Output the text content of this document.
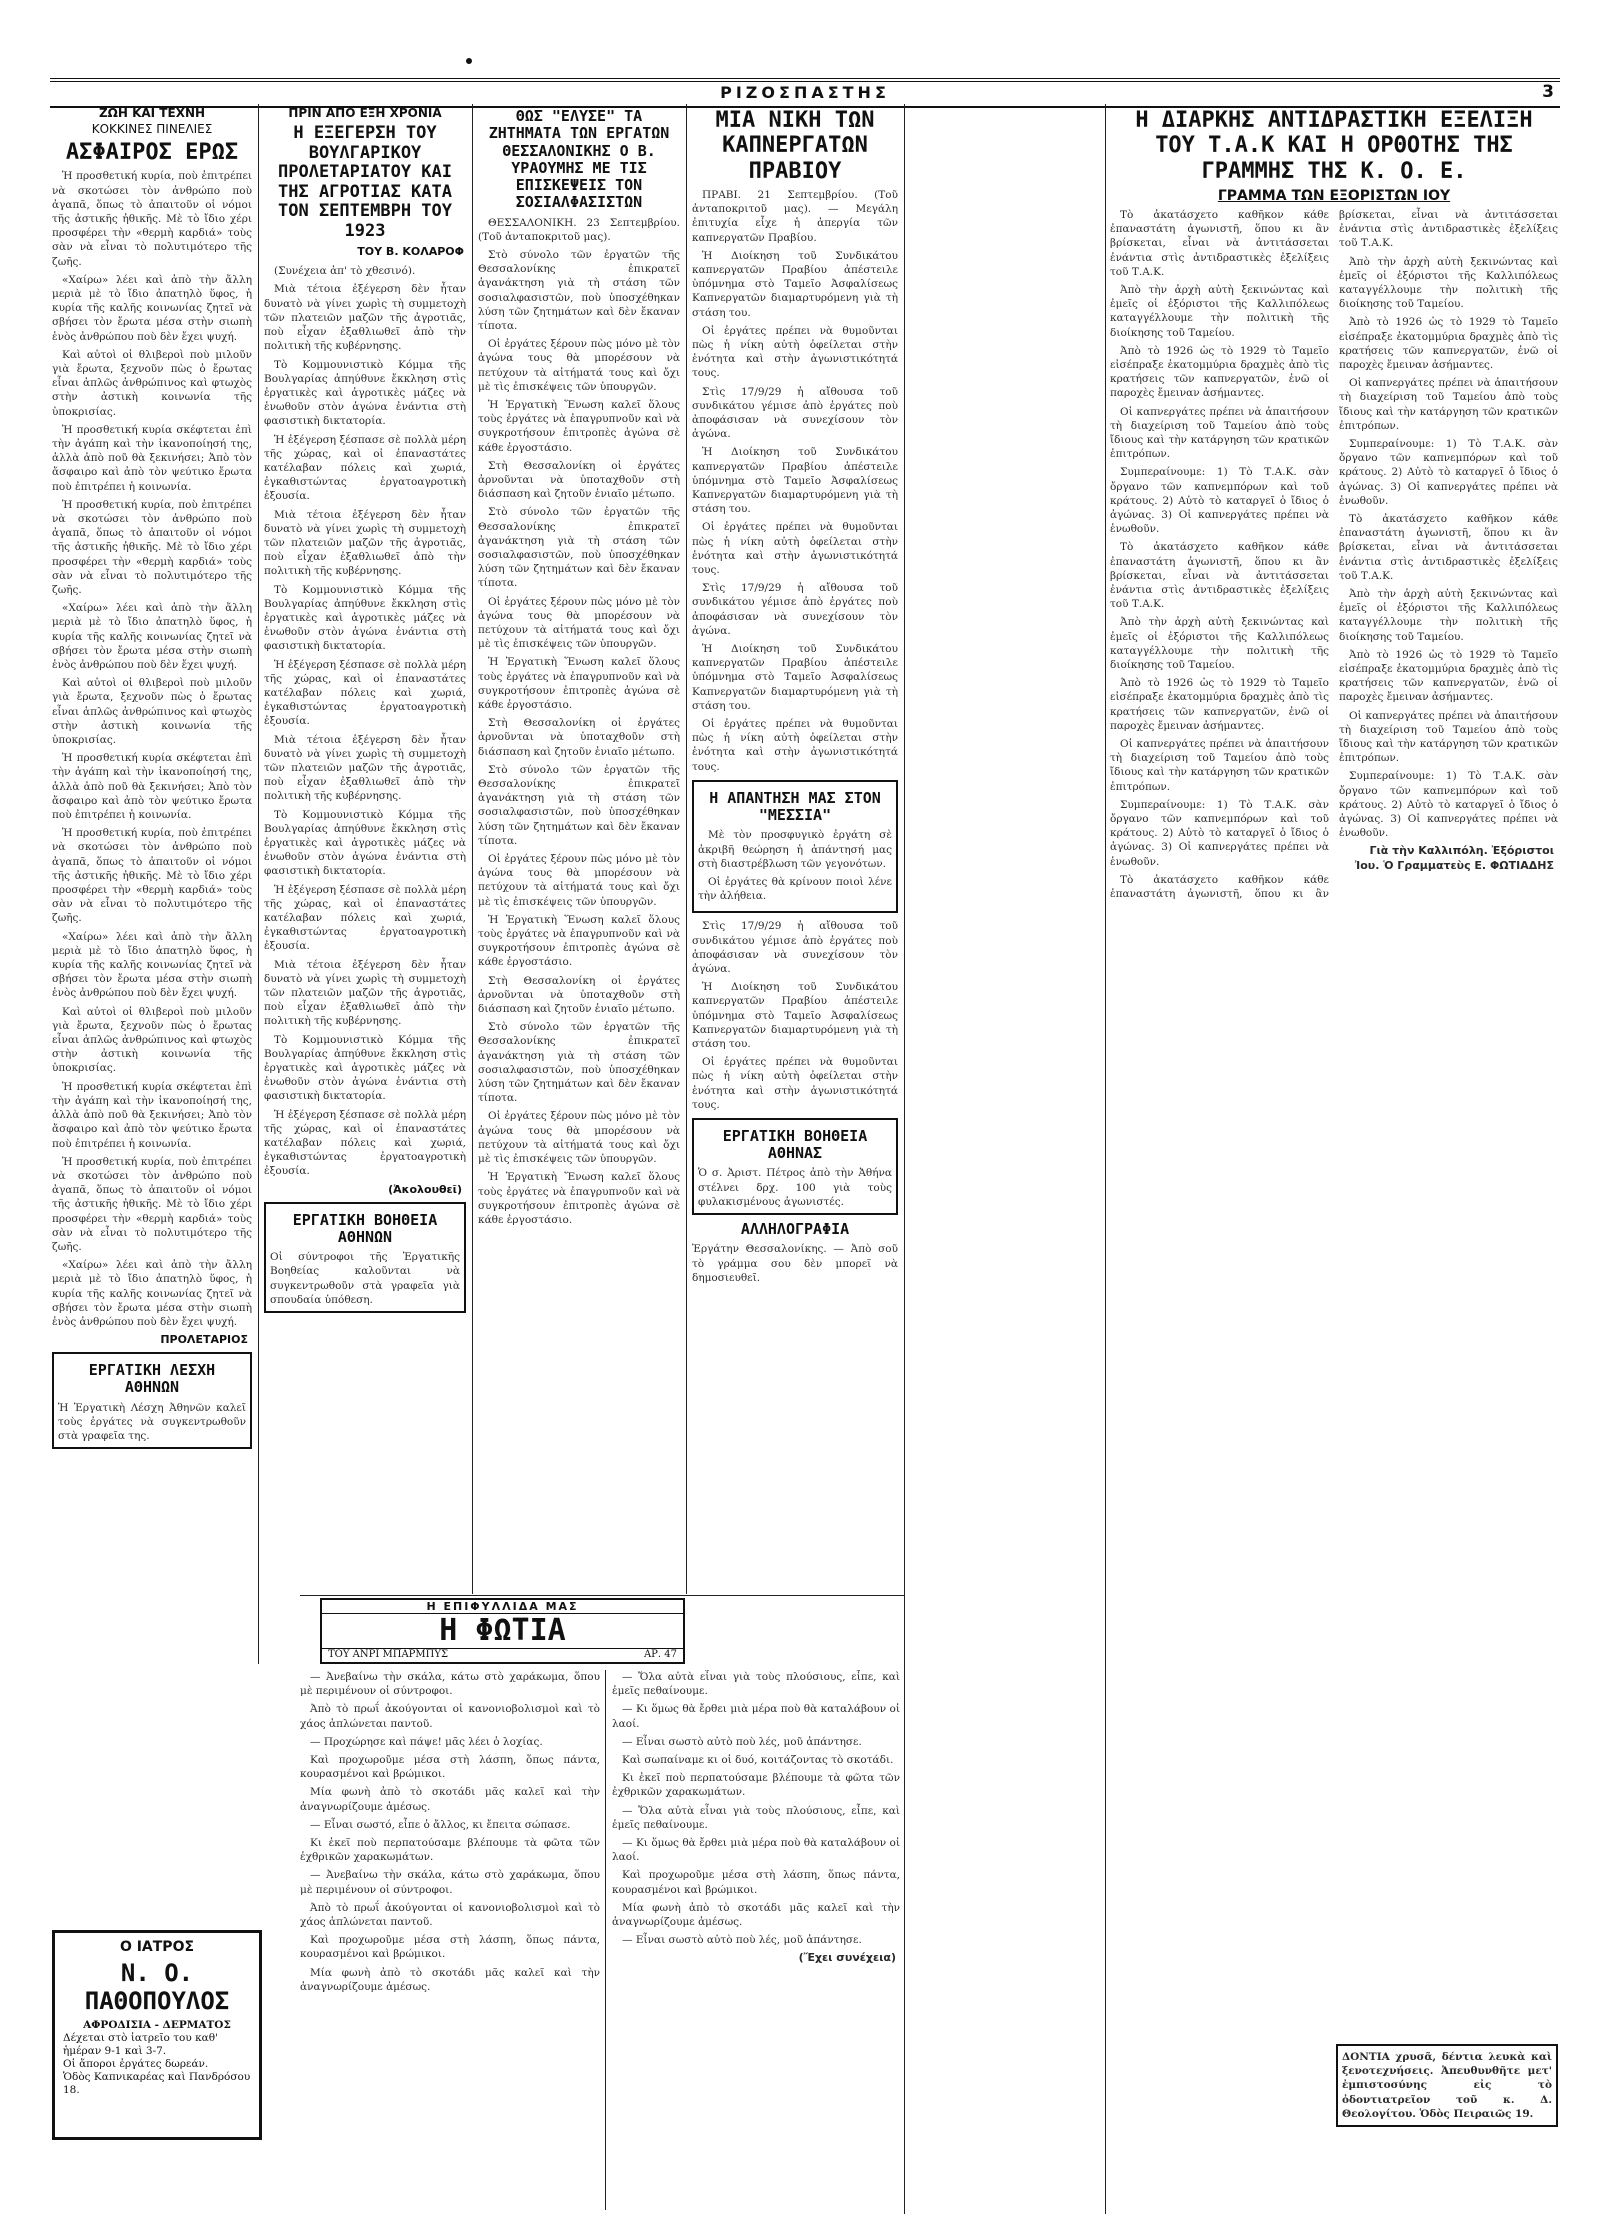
ΡΙΖΟΣΠΑΣΤΗΣ	3
ΖΩΗ ΚΑΙ ΤΕΧΝΗ
ΚΟΚΚΙΝΕΣ ΠΙΝΕΛΙΕΣ
ΑΣΦΑΙΡΟΣ ΕΡΩΣ

Ἡ προσθετική κυρία, ποὺ ἐπιτρέπει νὰ σκοτώσει τὸν ἀνθρώπο ποὺ ἀγαπᾶ, ὅπως τὸ ἀπαιτοῦν οἱ νόμοι τῆς ἀστικῆς ἠθικῆς. Μὲ τὸ ἴδιο χέρι προσφέρει τὴν «θερμὴ καρδιά» τοὺς σὰν νὰ εἶναι τὸ πολυτιμότερο τῆς ζωῆς.

«Χαίρω» λέει καὶ ἀπὸ τὴν ἄλλη μεριὰ μὲ τὸ ἴδιο ἀπατηλὸ ὕφος, ἡ κυρία τῆς καλῆς κοινωνίας ζητεῖ νὰ σβήσει τὸν ἔρωτα μέσα στὴν σιωπὴ ἑνὸς ἀνθρώπου ποὺ δὲν ἔχει ψυχή.

Καὶ αὐτοὶ οἱ θλιβεροὶ ποὺ μιλοῦν γιὰ ἔρωτα, ξεχνοῦν πὼς ὁ ἔρωτας εἶναι ἁπλῶς ἀνθρώπινος καὶ φτωχὸς στὴν ἀστικὴ κοινωνία τῆς ὑποκρισίας.

Ἡ προσθετική κυρία σκέφτεται ἐπὶ τὴν ἀγάπη καὶ τὴν ἱκανοποίησή της, ἀλλὰ ἀπὸ ποῦ θὰ ξεκινήσει; Ἀπὸ τὸν ἄσφαιρο καὶ ἀπὸ τὸν ψεύτικο ἔρωτα ποὺ ἐπιτρέπει ἡ κοινωνία.

Ἡ προσθετική κυρία, ποὺ ἐπιτρέπει νὰ σκοτώσει τὸν ἀνθρώπο ποὺ ἀγαπᾶ, ὅπως τὸ ἀπαιτοῦν οἱ νόμοι τῆς ἀστικῆς ἠθικῆς. Μὲ τὸ ἴδιο χέρι προσφέρει τὴν «θερμὴ καρδιά» τοὺς σὰν νὰ εἶναι τὸ πολυτιμότερο τῆς ζωῆς.

«Χαίρω» λέει καὶ ἀπὸ τὴν ἄλλη μεριὰ μὲ τὸ ἴδιο ἀπατηλὸ ὕφος, ἡ κυρία τῆς καλῆς κοινωνίας ζητεῖ νὰ σβήσει τὸν ἔρωτα μέσα στὴν σιωπὴ ἑνὸς ἀνθρώπου ποὺ δὲν ἔχει ψυχή.

Καὶ αὐτοὶ οἱ θλιβεροὶ ποὺ μιλοῦν γιὰ ἔρωτα, ξεχνοῦν πὼς ὁ ἔρωτας εἶναι ἁπλῶς ἀνθρώπινος καὶ φτωχὸς στὴν ἀστικὴ κοινωνία τῆς ὑποκρισίας.

Ἡ προσθετική κυρία σκέφτεται ἐπὶ τὴν ἀγάπη καὶ τὴν ἱκανοποίησή της, ἀλλὰ ἀπὸ ποῦ θὰ ξεκινήσει; Ἀπὸ τὸν ἄσφαιρο καὶ ἀπὸ τὸν ψεύτικο ἔρωτα ποὺ ἐπιτρέπει ἡ κοινωνία.

Ἡ προσθετική κυρία, ποὺ ἐπιτρέπει νὰ σκοτώσει τὸν ἀνθρώπο ποὺ ἀγαπᾶ, ὅπως τὸ ἀπαιτοῦν οἱ νόμοι τῆς ἀστικῆς ἠθικῆς. Μὲ τὸ ἴδιο χέρι προσφέρει τὴν «θερμὴ καρδιά» τοὺς σὰν νὰ εἶναι τὸ πολυτιμότερο τῆς ζωῆς.

«Χαίρω» λέει καὶ ἀπὸ τὴν ἄλλη μεριὰ μὲ τὸ ἴδιο ἀπατηλὸ ὕφος, ἡ κυρία τῆς καλῆς κοινωνίας ζητεῖ νὰ σβήσει τὸν ἔρωτα μέσα στὴν σιωπὴ ἑνὸς ἀνθρώπου ποὺ δὲν ἔχει ψυχή.

Καὶ αὐτοὶ οἱ θλιβεροὶ ποὺ μιλοῦν γιὰ ἔρωτα, ξεχνοῦν πὼς ὁ ἔρωτας εἶναι ἁπλῶς ἀνθρώπινος καὶ φτωχὸς στὴν ἀστικὴ κοινωνία τῆς ὑποκρισίας.

Ἡ προσθετική κυρία σκέφτεται ἐπὶ τὴν ἀγάπη καὶ τὴν ἱκανοποίησή της, ἀλλὰ ἀπὸ ποῦ θὰ ξεκινήσει; Ἀπὸ τὸν ἄσφαιρο καὶ ἀπὸ τὸν ψεύτικο ἔρωτα ποὺ ἐπιτρέπει ἡ κοινωνία.

Ἡ προσθετική κυρία, ποὺ ἐπιτρέπει νὰ σκοτώσει τὸν ἀνθρώπο ποὺ ἀγαπᾶ, ὅπως τὸ ἀπαιτοῦν οἱ νόμοι τῆς ἀστικῆς ἠθικῆς. Μὲ τὸ ἴδιο χέρι προσφέρει τὴν «θερμὴ καρδιά» τοὺς σὰν νὰ εἶναι τὸ πολυτιμότερο τῆς ζωῆς.

«Χαίρω» λέει καὶ ἀπὸ τὴν ἄλλη μεριὰ μὲ τὸ ἴδιο ἀπατηλὸ ὕφος, ἡ κυρία τῆς καλῆς κοινωνίας ζητεῖ νὰ σβήσει τὸν ἔρωτα μέσα στὴν σιωπὴ ἑνὸς ἀνθρώπου ποὺ δὲν ἔχει ψυχή.

ΠΡΟΛΕΤΑΡΙΟΣ
ΕΡΓΑΤΙΚΗ ΛΕΣΧΗ ΑΘΗΝΩΝ
Ἡ Ἐργατικὴ Λέσχη Ἀθηνῶν καλεῖ τοὺς ἐργάτες νὰ συγκεντρωθοῦν στὰ γραφεῖα της.
Ο ΙΑΤΡΟΣ
Ν. Ο. ΠΑΘΟΠΟΥΛΟΣ
ΑΦΡΟΔΙΣΙΑ - ΔΕΡΜΑΤΟΣ
Δέχεται στὸ ἰατρεῖο του καθ' ἡμέραν 9-1 καὶ 3-7.
Οἱ ἄποροι ἐργάτες δωρεάν.
Ὁδὸς Καπνικαρέας καὶ Πανδρόσου 18.
ΠΡΙΝ ΑΠΟ ΕΞΗ ΧΡΟΝΙΑ
Η ΕΞΕΓΕΡΣΗ ΤΟΥ ΒΟΥΛΓΑΡΙΚΟΥ ΠΡΟΛΕΤΑΡΙΑΤΟΥ ΚΑΙ ΤΗΣ ΑΓΡΟΤΙΑΣ ΚΑΤΑ ΤΟΝ ΣΕΠΤΕΜΒΡΗ ΤΟΥ 1923
ΤΟΥ Β. ΚΟΛΑΡΟΦ

(Συνέχεια ἀπ' τὸ χθεσινό).

Μιὰ τέτοια ἐξέγερση δὲν ἦταν δυνατὸ νὰ γίνει χωρὶς τὴ συμμετοχὴ τῶν πλατειῶν μαζῶν τῆς ἀγροτιᾶς, ποὺ εἶχαν ἐξαθλιωθεῖ ἀπὸ τὴν πολιτικὴ τῆς κυβέρνησης.

Τὸ Κομμουνιστικὸ Κόμμα τῆς Βουλγαρίας ἀπηύθυνε ἔκκληση στὶς ἐργατικὲς καὶ ἀγροτικὲς μάζες νὰ ἑνωθοῦν στὸν ἀγώνα ἐνάντια στὴ φασιστικὴ δικτατορία.

Ἡ ἐξέγερση ξέσπασε σὲ πολλὰ μέρη τῆς χώρας, καὶ οἱ ἐπαναστάτες κατέλαβαν πόλεις καὶ χωριά, ἐγκαθιστώντας ἐργατοαγροτικὴ ἐξουσία.

Μιὰ τέτοια ἐξέγερση δὲν ἦταν δυνατὸ νὰ γίνει χωρὶς τὴ συμμετοχὴ τῶν πλατειῶν μαζῶν τῆς ἀγροτιᾶς, ποὺ εἶχαν ἐξαθλιωθεῖ ἀπὸ τὴν πολιτικὴ τῆς κυβέρνησης.

Τὸ Κομμουνιστικὸ Κόμμα τῆς Βουλγαρίας ἀπηύθυνε ἔκκληση στὶς ἐργατικὲς καὶ ἀγροτικὲς μάζες νὰ ἑνωθοῦν στὸν ἀγώνα ἐνάντια στὴ φασιστικὴ δικτατορία.

Ἡ ἐξέγερση ξέσπασε σὲ πολλὰ μέρη τῆς χώρας, καὶ οἱ ἐπαναστάτες κατέλαβαν πόλεις καὶ χωριά, ἐγκαθιστώντας ἐργατοαγροτικὴ ἐξουσία.

Μιὰ τέτοια ἐξέγερση δὲν ἦταν δυνατὸ νὰ γίνει χωρὶς τὴ συμμετοχὴ τῶν πλατειῶν μαζῶν τῆς ἀγροτιᾶς, ποὺ εἶχαν ἐξαθλιωθεῖ ἀπὸ τὴν πολιτικὴ τῆς κυβέρνησης.

Τὸ Κομμουνιστικὸ Κόμμα τῆς Βουλγαρίας ἀπηύθυνε ἔκκληση στὶς ἐργατικὲς καὶ ἀγροτικὲς μάζες νὰ ἑνωθοῦν στὸν ἀγώνα ἐνάντια στὴ φασιστικὴ δικτατορία.

Ἡ ἐξέγερση ξέσπασε σὲ πολλὰ μέρη τῆς χώρας, καὶ οἱ ἐπαναστάτες κατέλαβαν πόλεις καὶ χωριά, ἐγκαθιστώντας ἐργατοαγροτικὴ ἐξουσία.

Μιὰ τέτοια ἐξέγερση δὲν ἦταν δυνατὸ νὰ γίνει χωρὶς τὴ συμμετοχὴ τῶν πλατειῶν μαζῶν τῆς ἀγροτιᾶς, ποὺ εἶχαν ἐξαθλιωθεῖ ἀπὸ τὴν πολιτικὴ τῆς κυβέρνησης.

Τὸ Κομμουνιστικὸ Κόμμα τῆς Βουλγαρίας ἀπηύθυνε ἔκκληση στὶς ἐργατικὲς καὶ ἀγροτικὲς μάζες νὰ ἑνωθοῦν στὸν ἀγώνα ἐνάντια στὴ φασιστικὴ δικτατορία.

Ἡ ἐξέγερση ξέσπασε σὲ πολλὰ μέρη τῆς χώρας, καὶ οἱ ἐπαναστάτες κατέλαβαν πόλεις καὶ χωριά, ἐγκαθιστώντας ἐργατοαγροτικὴ ἐξουσία.

(Ἀκολουθεῖ)
ΕΡΓΑΤΙΚΗ ΒΟΗΘΕΙΑ ΑΘΗΝΩΝ
Οἱ σύντροφοι τῆς Ἐργατικῆς Βοηθείας καλοῦνται νὰ συγκεντρωθοῦν στὰ γραφεῖα γιὰ σπουδαία ὑπόθεση.
ΘΩΣ "ΕΛΥΣΕ" ΤΑ ΖΗΤΗΜΑΤΑ ΤΩΝ ΕΡΓΑΤΩΝ ΘΕΣΣΑΛΟΝΙΚΗΣ Ο Β. ΥΡΑΟΥΜΗΣ ΜΕ ΤΙΣ ΕΠΙΣΚΕΨΕΙΣ ΤΟΝ ΣΟΣΙΑΛΦΑΣΙΣΤΩΝ

ΘΕΣΣΑΛΟΝΙΚΗ. 23 Σεπτεμβρίου. (Τοῦ ἀνταποκριτοῦ μας).

Στὸ σύνολο τῶν ἐργατῶν τῆς Θεσσαλονίκης ἐπικρατεῖ ἀγανάκτηση γιὰ τὴ στάση τῶν σοσιαλφασιστῶν, ποὺ ὑποσχέθηκαν λύση τῶν ζητημάτων καὶ δὲν ἔκαναν τίποτα.

Οἱ ἐργάτες ξέρουν πὼς μόνο μὲ τὸν ἀγώνα τους θὰ μπορέσουν νὰ πετύχουν τὰ αἰτήματά τους καὶ ὄχι μὲ τὶς ἐπισκέψεις τῶν ὑπουργῶν.

Ἡ Ἑργατικὴ Ἕνωση καλεῖ ὅλους τοὺς ἐργάτες νὰ ἐπαγρυπνοῦν καὶ νὰ συγκροτήσουν ἐπιτροπὲς ἀγώνα σὲ κάθε ἐργοστάσιο.

Στὴ Θεσσαλονίκη οἱ ἐργάτες ἀρνοῦνται νὰ ὑποταχθοῦν στὴ διάσπαση καὶ ζητοῦν ἑνιαῖο μέτωπο.

Στὸ σύνολο τῶν ἐργατῶν τῆς Θεσσαλονίκης ἐπικρατεῖ ἀγανάκτηση γιὰ τὴ στάση τῶν σοσιαλφασιστῶν, ποὺ ὑποσχέθηκαν λύση τῶν ζητημάτων καὶ δὲν ἔκαναν τίποτα.

Οἱ ἐργάτες ξέρουν πὼς μόνο μὲ τὸν ἀγώνα τους θὰ μπορέσουν νὰ πετύχουν τὰ αἰτήματά τους καὶ ὄχι μὲ τὶς ἐπισκέψεις τῶν ὑπουργῶν.

Ἡ Ἑργατικὴ Ἕνωση καλεῖ ὅλους τοὺς ἐργάτες νὰ ἐπαγρυπνοῦν καὶ νὰ συγκροτήσουν ἐπιτροπὲς ἀγώνα σὲ κάθε ἐργοστάσιο.

Στὴ Θεσσαλονίκη οἱ ἐργάτες ἀρνοῦνται νὰ ὑποταχθοῦν στὴ διάσπαση καὶ ζητοῦν ἑνιαῖο μέτωπο.

Στὸ σύνολο τῶν ἐργατῶν τῆς Θεσσαλονίκης ἐπικρατεῖ ἀγανάκτηση γιὰ τὴ στάση τῶν σοσιαλφασιστῶν, ποὺ ὑποσχέθηκαν λύση τῶν ζητημάτων καὶ δὲν ἔκαναν τίποτα.

Οἱ ἐργάτες ξέρουν πὼς μόνο μὲ τὸν ἀγώνα τους θὰ μπορέσουν νὰ πετύχουν τὰ αἰτήματά τους καὶ ὄχι μὲ τὶς ἐπισκέψεις τῶν ὑπουργῶν.

Ἡ Ἑργατικὴ Ἕνωση καλεῖ ὅλους τοὺς ἐργάτες νὰ ἐπαγρυπνοῦν καὶ νὰ συγκροτήσουν ἐπιτροπὲς ἀγώνα σὲ κάθε ἐργοστάσιο.

Στὴ Θεσσαλονίκη οἱ ἐργάτες ἀρνοῦνται νὰ ὑποταχθοῦν στὴ διάσπαση καὶ ζητοῦν ἑνιαῖο μέτωπο.

Στὸ σύνολο τῶν ἐργατῶν τῆς Θεσσαλονίκης ἐπικρατεῖ ἀγανάκτηση γιὰ τὴ στάση τῶν σοσιαλφασιστῶν, ποὺ ὑποσχέθηκαν λύση τῶν ζητημάτων καὶ δὲν ἔκαναν τίποτα.

Οἱ ἐργάτες ξέρουν πὼς μόνο μὲ τὸν ἀγώνα τους θὰ μπορέσουν νὰ πετύχουν τὰ αἰτήματά τους καὶ ὄχι μὲ τὶς ἐπισκέψεις τῶν ὑπουργῶν.

Ἡ Ἑργατικὴ Ἕνωση καλεῖ ὅλους τοὺς ἐργάτες νὰ ἐπαγρυπνοῦν καὶ νὰ συγκροτήσουν ἐπιτροπὲς ἀγώνα σὲ κάθε ἐργοστάσιο.

ΜΙΑ ΝΙΚΗ ΤΩΝ ΚΑΠΝΕΡΓΑΤΩΝ ΠΡΑΒΙΟΥ

ΠΡΑΒΙ. 21 Σεπτεμβρίου. (Τοῦ ἀνταποκριτοῦ μας). — Μεγάλη ἐπιτυχία εἶχε ἡ ἀπεργία τῶν καπνεργατῶν Πραβίου.

Ἡ Διοίκηση τοῦ Συνδικάτου καπνεργατῶν Πραβίου ἀπέστειλε ὑπόμνημα στὸ Ταμεῖο Ἀσφαλίσεως Καπνεργατῶν διαμαρτυρόμενη γιὰ τὴ στάση του.

Οἱ ἐργάτες πρέπει νὰ θυμοῦνται πὼς ἡ νίκη αὐτὴ ὀφείλεται στὴν ἑνότητα καὶ στὴν ἀγωνιστικότητά τους.

Στὶς 17/9/29 ἡ αἴθουσα τοῦ συνδικάτου γέμισε ἀπὸ ἐργάτες ποὺ ἀποφάσισαν νὰ συνεχίσουν τὸν ἀγώνα.

Ἡ Διοίκηση τοῦ Συνδικάτου καπνεργατῶν Πραβίου ἀπέστειλε ὑπόμνημα στὸ Ταμεῖο Ἀσφαλίσεως Καπνεργατῶν διαμαρτυρόμενη γιὰ τὴ στάση του.

Οἱ ἐργάτες πρέπει νὰ θυμοῦνται πὼς ἡ νίκη αὐτὴ ὀφείλεται στὴν ἑνότητα καὶ στὴν ἀγωνιστικότητά τους.

Στὶς 17/9/29 ἡ αἴθουσα τοῦ συνδικάτου γέμισε ἀπὸ ἐργάτες ποὺ ἀποφάσισαν νὰ συνεχίσουν τὸν ἀγώνα.

Ἡ Διοίκηση τοῦ Συνδικάτου καπνεργατῶν Πραβίου ἀπέστειλε ὑπόμνημα στὸ Ταμεῖο Ἀσφαλίσεως Καπνεργατῶν διαμαρτυρόμενη γιὰ τὴ στάση του.

Οἱ ἐργάτες πρέπει νὰ θυμοῦνται πὼς ἡ νίκη αὐτὴ ὀφείλεται στὴν ἑνότητα καὶ στὴν ἀγωνιστικότητά τους.

Η ΑΠΑΝΤΗΣΗ ΜΑΣ ΣΤΟΝ "ΜΕΣΣΙΑ"

Μὲ τὸν προσφυγικὸ ἐργάτη σὲ ἀκριβῆ θεώρηση ἡ ἀπάντησή μας στὴ διαστρέβλωση τῶν γεγονότων.

Οἱ ἐργάτες θὰ κρίνουν ποιοὶ λένε τὴν ἀλήθεια.

Στὶς 17/9/29 ἡ αἴθουσα τοῦ συνδικάτου γέμισε ἀπὸ ἐργάτες ποὺ ἀποφάσισαν νὰ συνεχίσουν τὸν ἀγώνα.

Ἡ Διοίκηση τοῦ Συνδικάτου καπνεργατῶν Πραβίου ἀπέστειλε ὑπόμνημα στὸ Ταμεῖο Ἀσφαλίσεως Καπνεργατῶν διαμαρτυρόμενη γιὰ τὴ στάση του.

Οἱ ἐργάτες πρέπει νὰ θυμοῦνται πὼς ἡ νίκη αὐτὴ ὀφείλεται στὴν ἑνότητα καὶ στὴν ἀγωνιστικότητά τους.

ΕΡΓΑΤΙΚΗ ΒΟΗΘΕΙΑ ΑΘΗΝΑΣ
Ὁ σ. Ἀριστ. Πέτρος ἀπὸ τὴν Ἀθήνα στέλνει δρχ. 100 γιὰ τοὺς φυλακισμένους ἀγωνιστές.
ΑΛΛΗΛΟΓΡΑΦΙΑ
Ἐργάτην Θεσσαλονίκης. — Ἀπὸ σοῦ τὸ γράμμα σου δὲν μπορεῖ νὰ δημοσιευθεῖ.
Η ΔΙΑΡΚΗΣ ΑΝΤΙΔΡΑΣΤΙΚΗ ΕΞΕΛΙΞΗ ΤΟΥ Τ.Α.Κ ΚΑΙ Η ΟΡΘΟΤΗΣ ΤΗΣ ΓΡΑΜΜΗΣ ΤΗΣ Κ. Ο. Ε.
ΓΡΑΜΜΑ ΤΩΝ ΕΞΟΡΙΣΤΩΝ ΙΟΥ

Τὸ ἀκατάσχετο καθῆκον κάθε ἐπαναστάτη ἀγωνιστῆ, ὅπου κι ἂν βρίσκεται, εἶναι νὰ ἀντιτάσσεται ἐνάντια στὶς ἀντιδραστικὲς ἐξελίξεις τοῦ Τ.Α.Κ.

Ἀπὸ τὴν ἀρχὴ αὐτὴ ξεκινώντας καὶ ἐμεῖς οἱ ἐξόριστοι τῆς Καλλιπόλεως καταγγέλλουμε τὴν πολιτικὴ τῆς διοίκησης τοῦ Ταμείου.

Ἀπὸ τὸ 1926 ὡς τὸ 1929 τὸ Ταμεῖο εἰσέπραξε ἑκατομμύρια δραχμὲς ἀπὸ τὶς κρατήσεις τῶν καπνεργατῶν, ἐνῶ οἱ παροχὲς ἔμειναν ἀσήμαντες.

Οἱ καπνεργάτες πρέπει νὰ ἀπαιτήσουν τὴ διαχείριση τοῦ Ταμείου ἀπὸ τοὺς ἴδιους καὶ τὴν κατάργηση τῶν κρατικῶν ἐπιτρόπων.

Συμπεραίνουμε: 1) Τὸ Τ.Α.Κ. σὰν ὄργανο τῶν καπνεμπόρων καὶ τοῦ κράτους. 2) Αὐτὸ τὸ καταργεῖ ὁ ἴδιος ὁ ἀγώνας. 3) Οἱ καπνεργάτες πρέπει νὰ ἑνωθοῦν.

Τὸ ἀκατάσχετο καθῆκον κάθε ἐπαναστάτη ἀγωνιστῆ, ὅπου κι ἂν βρίσκεται, εἶναι νὰ ἀντιτάσσεται ἐνάντια στὶς ἀντιδραστικὲς ἐξελίξεις τοῦ Τ.Α.Κ.

Ἀπὸ τὴν ἀρχὴ αὐτὴ ξεκινώντας καὶ ἐμεῖς οἱ ἐξόριστοι τῆς Καλλιπόλεως καταγγέλλουμε τὴν πολιτικὴ τῆς διοίκησης τοῦ Ταμείου.

Ἀπὸ τὸ 1926 ὡς τὸ 1929 τὸ Ταμεῖο εἰσέπραξε ἑκατομμύρια δραχμὲς ἀπὸ τὶς κρατήσεις τῶν καπνεργατῶν, ἐνῶ οἱ παροχὲς ἔμειναν ἀσήμαντες.

Οἱ καπνεργάτες πρέπει νὰ ἀπαιτήσουν τὴ διαχείριση τοῦ Ταμείου ἀπὸ τοὺς ἴδιους καὶ τὴν κατάργηση τῶν κρατικῶν ἐπιτρόπων.

Συμπεραίνουμε: 1) Τὸ Τ.Α.Κ. σὰν ὄργανο τῶν καπνεμπόρων καὶ τοῦ κράτους. 2) Αὐτὸ τὸ καταργεῖ ὁ ἴδιος ὁ ἀγώνας. 3) Οἱ καπνεργάτες πρέπει νὰ ἑνωθοῦν.

Τὸ ἀκατάσχετο καθῆκον κάθε ἐπαναστάτη ἀγωνιστῆ, ὅπου κι ἂν βρίσκεται, εἶναι νὰ ἀντιτάσσεται ἐνάντια στὶς ἀντιδραστικὲς ἐξελίξεις τοῦ Τ.Α.Κ.

Ἀπὸ τὴν ἀρχὴ αὐτὴ ξεκινώντας καὶ ἐμεῖς οἱ ἐξόριστοι τῆς Καλλιπόλεως καταγγέλλουμε τὴν πολιτικὴ τῆς διοίκησης τοῦ Ταμείου.

Ἀπὸ τὸ 1926 ὡς τὸ 1929 τὸ Ταμεῖο εἰσέπραξε ἑκατομμύρια δραχμὲς ἀπὸ τὶς κρατήσεις τῶν καπνεργατῶν, ἐνῶ οἱ παροχὲς ἔμειναν ἀσήμαντες.

Οἱ καπνεργάτες πρέπει νὰ ἀπαιτήσουν τὴ διαχείριση τοῦ Ταμείου ἀπὸ τοὺς ἴδιους καὶ τὴν κατάργηση τῶν κρατικῶν ἐπιτρόπων.

Συμπεραίνουμε: 1) Τὸ Τ.Α.Κ. σὰν ὄργανο τῶν καπνεμπόρων καὶ τοῦ κράτους. 2) Αὐτὸ τὸ καταργεῖ ὁ ἴδιος ὁ ἀγώνας. 3) Οἱ καπνεργάτες πρέπει νὰ ἑνωθοῦν.

Τὸ ἀκατάσχετο καθῆκον κάθε ἐπαναστάτη ἀγωνιστῆ, ὅπου κι ἂν βρίσκεται, εἶναι νὰ ἀντιτάσσεται ἐνάντια στὶς ἀντιδραστικὲς ἐξελίξεις τοῦ Τ.Α.Κ.

Ἀπὸ τὴν ἀρχὴ αὐτὴ ξεκινώντας καὶ ἐμεῖς οἱ ἐξόριστοι τῆς Καλλιπόλεως καταγγέλλουμε τὴν πολιτικὴ τῆς διοίκησης τοῦ Ταμείου.

Ἀπὸ τὸ 1926 ὡς τὸ 1929 τὸ Ταμεῖο εἰσέπραξε ἑκατομμύρια δραχμὲς ἀπὸ τὶς κρατήσεις τῶν καπνεργατῶν, ἐνῶ οἱ παροχὲς ἔμειναν ἀσήμαντες.

Οἱ καπνεργάτες πρέπει νὰ ἀπαιτήσουν τὴ διαχείριση τοῦ Ταμείου ἀπὸ τοὺς ἴδιους καὶ τὴν κατάργηση τῶν κρατικῶν ἐπιτρόπων.

Συμπεραίνουμε: 1) Τὸ Τ.Α.Κ. σὰν ὄργανο τῶν καπνεμπόρων καὶ τοῦ κράτους. 2) Αὐτὸ τὸ καταργεῖ ὁ ἴδιος ὁ ἀγώνας. 3) Οἱ καπνεργάτες πρέπει νὰ ἑνωθοῦν.

Γιὰ τὴν Καλλιπόλη. Ἐξόριστοι Ἰου. Ὁ Γραμματεὺς Ε. ΦΩΤΙΑΔΗΣ
ΔΟΝΤΙΑ χρυσᾶ, δέντια λευκὰ καὶ ξενοτεχνήσεις. Ἀπευθυνθῆτε μετ' ἐμπιστοσύνης εἰς τὸ ὀδοντιατρεῖον τοῦ κ. Δ. Θεολογίτου. Ὁδὸς Πειραιῶς 19.
Η ΕΠΙΦΥΛΛΙΔΑ ΜΑΣ
Η ΦΩΤΙΑ
ΤΟΥ ΑΝΡΙ ΜΠΑΡΜΠΥΣ	ΑΡ. 47

— Ἀνεβαίνω τὴν σκάλα, κάτω στὸ χαράκωμα, ὅπου μὲ περιμένουν οἱ σύντροφοι.

Ἀπὸ τὸ πρωΐ ἀκούγονται οἱ κανονιοβολισμοὶ καὶ τὸ χάος ἁπλώνεται παντοῦ.

— Προχώρησε καὶ πάψε! μᾶς λέει ὁ λοχίας.

Καὶ προχωροῦμε μέσα στὴ λάσπη, ὅπως πάντα, κουρασμένοι καὶ βρώμικοι.

Μία φωνὴ ἀπὸ τὸ σκοτάδι μᾶς καλεῖ καὶ τὴν ἀναγνωρίζουμε ἀμέσως.

— Εἶναι σωστό, εἶπε ὁ ἄλλος, κι ἔπειτα σώπασε.

Κι ἐκεῖ ποὺ περπατούσαμε βλέπουμε τὰ φῶτα τῶν ἐχθρικῶν χαρακωμάτων.

— Ἀνεβαίνω τὴν σκάλα, κάτω στὸ χαράκωμα, ὅπου μὲ περιμένουν οἱ σύντροφοι.

Ἀπὸ τὸ πρωΐ ἀκούγονται οἱ κανονιοβολισμοὶ καὶ τὸ χάος ἁπλώνεται παντοῦ.

Καὶ προχωροῦμε μέσα στὴ λάσπη, ὅπως πάντα, κουρασμένοι καὶ βρώμικοι.

Μία φωνὴ ἀπὸ τὸ σκοτάδι μᾶς καλεῖ καὶ τὴν ἀναγνωρίζουμε ἀμέσως.

— Ὅλα αὐτὰ εἶναι γιὰ τοὺς πλούσιους, εἶπε, καὶ ἐμεῖς πεθαίνουμε.

— Κι ὅμως θὰ ἔρθει μιὰ μέρα ποὺ θὰ καταλάβουν οἱ λαοί.

— Εἶναι σωστὸ αὐτὸ ποὺ λές, μοῦ ἀπάντησε.

Καὶ σωπαίναμε κι οἱ δυό, κοιτάζοντας τὸ σκοτάδι.

Κι ἐκεῖ ποὺ περπατούσαμε βλέπουμε τὰ φῶτα τῶν ἐχθρικῶν χαρακωμάτων.

— Ὅλα αὐτὰ εἶναι γιὰ τοὺς πλούσιους, εἶπε, καὶ ἐμεῖς πεθαίνουμε.

— Κι ὅμως θὰ ἔρθει μιὰ μέρα ποὺ θὰ καταλάβουν οἱ λαοί.

Καὶ προχωροῦμε μέσα στὴ λάσπη, ὅπως πάντα, κουρασμένοι καὶ βρώμικοι.

Μία φωνὴ ἀπὸ τὸ σκοτάδι μᾶς καλεῖ καὶ τὴν ἀναγνωρίζουμε ἀμέσως.

— Εἶναι σωστὸ αὐτὸ ποὺ λές, μοῦ ἀπάντησε.

(Ἔχει συνέχεια)
